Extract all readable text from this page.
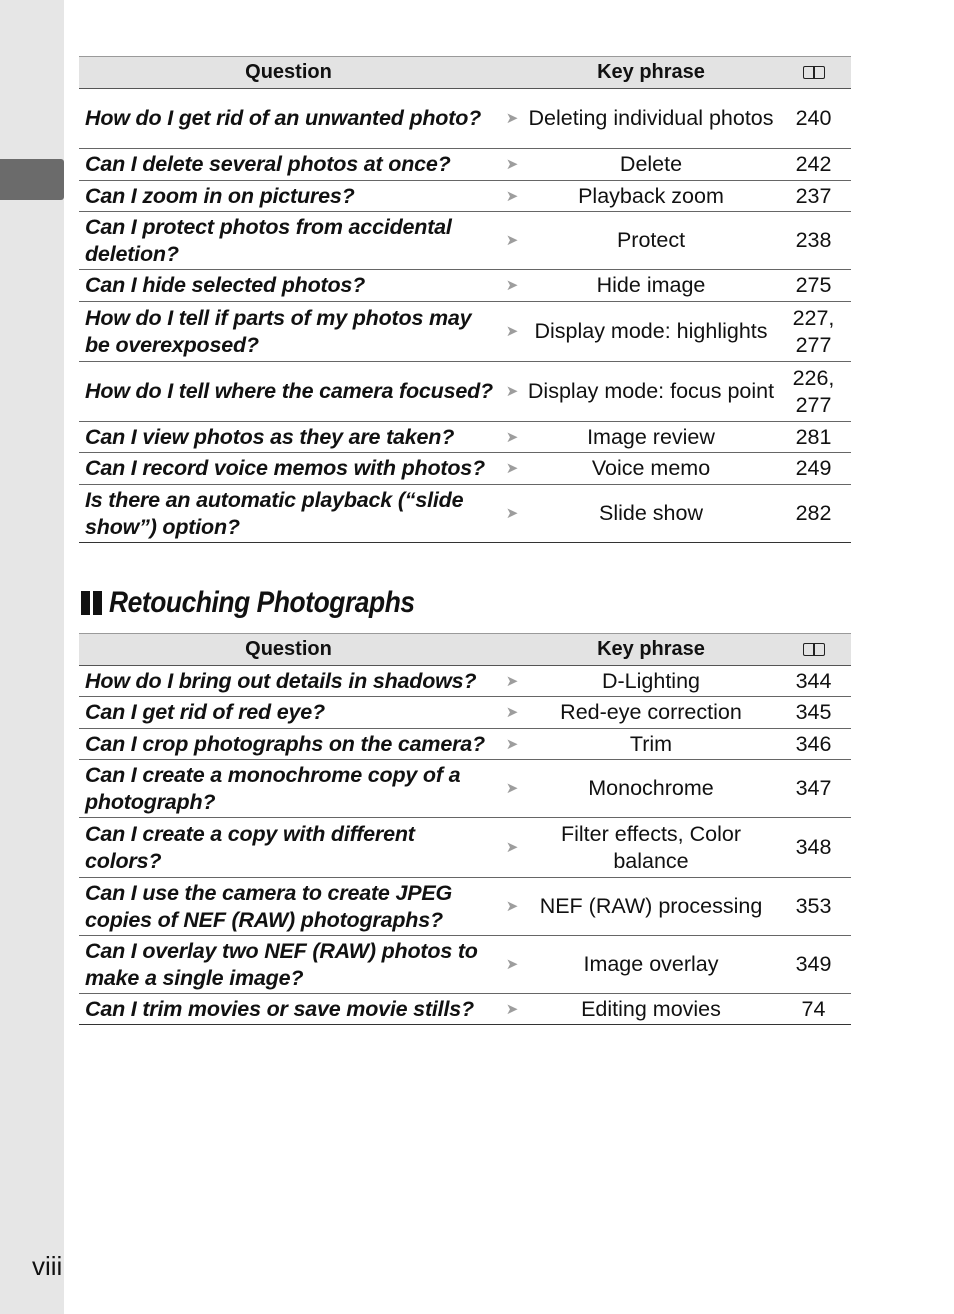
Question		Key phrase	
How do I get rid of an unwanted photo?	➤	Deleting individual photos	240
Can I delete several photos at once?	➤	Delete	242
Can I zoom in on pictures?	➤	Playback zoom	237
Can I protect photos from accidental deletion?	➤	Protect	238
Can I hide selected photos?	➤	Hide image	275
How do I tell if parts of my photos may be overexposed?	➤	Display mode: highlights	227, 277
How do I tell where the camera focused?	➤	Display mode: focus point	226, 277
Can I view photos as they are taken?	➤	Image review	281
Can I record voice memos with photos?	➤	Voice memo	249
Is there an automatic playback (“slide show”) option?	➤	Slide show	282
Retouching Photographs
Question		Key phrase	
How do I bring out details in shadows?	➤	D-Lighting	344
Can I get rid of red eye?	➤	Red-eye correction	345
Can I crop photographs on the camera?	➤	Trim	346
Can I create a monochrome copy of a photograph?	➤	Monochrome	347
Can I create a copy with different colors?	➤	Filter effects, Color balance	348
Can I use the camera to create JPEG copies of NEF (RAW) photographs?	➤	NEF (RAW) processing	353
Can I overlay two NEF (RAW) photos to make a single image?	➤	Image overlay	349
Can I trim movies or save movie stills?	➤	Editing movies	74
viii
